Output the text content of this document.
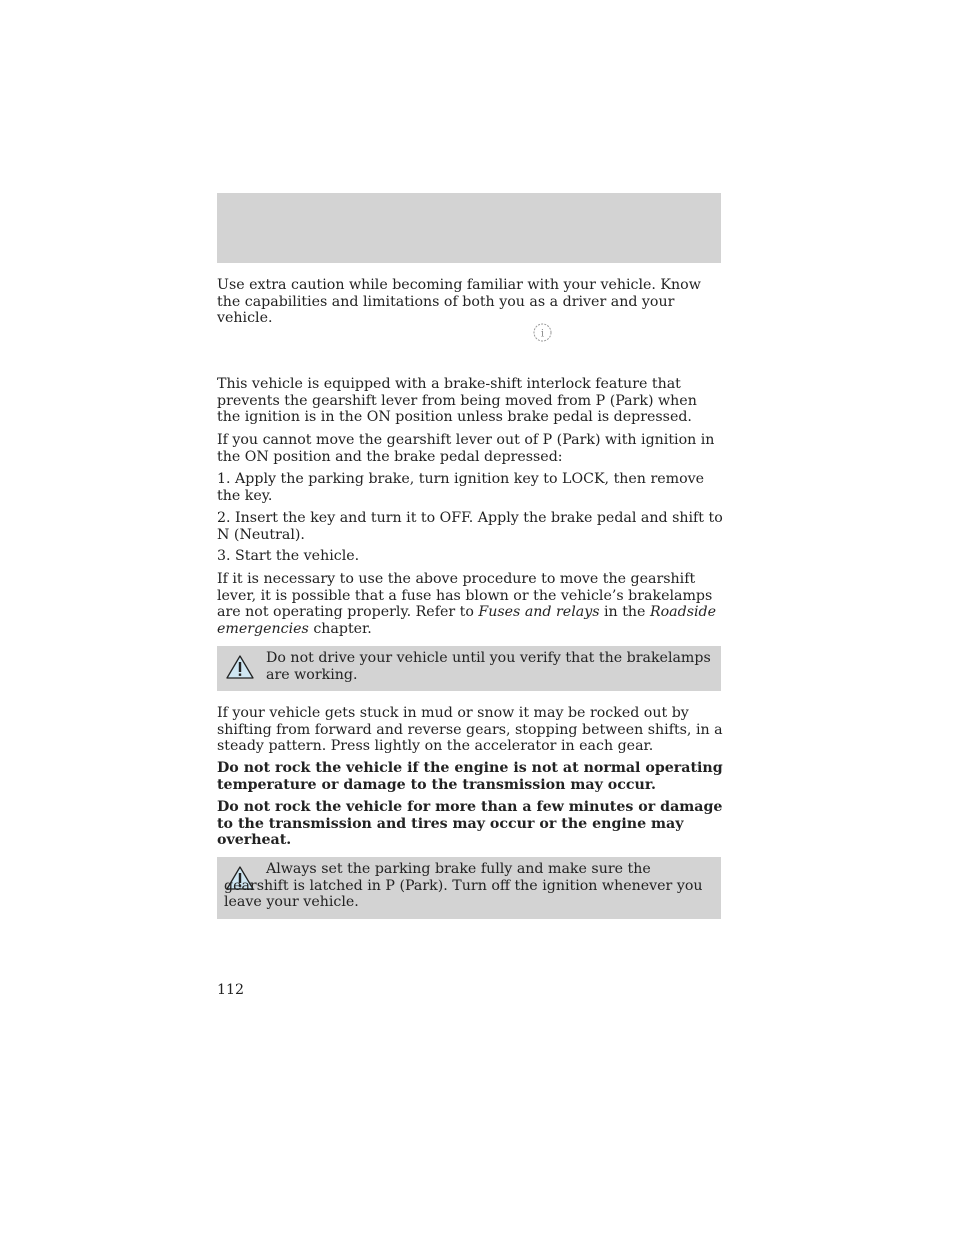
Use extra caution while becoming familiar with your vehicle. Know the capabilities and limitations of both you as a driver and your vehicle.

i

This vehicle is equipped with a brake-shift interlock feature that prevents the gearshift lever from being moved from P (Park) when the ignition is in the ON position unless brake pedal is depressed.

If you cannot move the gearshift lever out of P (Park) with ignition in the ON position and the brake pedal depressed:

1. Apply the parking brake, turn ignition key to LOCK, then remove the key.

2. Insert the key and turn it to OFF. Apply the brake pedal and shift to N (Neutral).

3. Start the vehicle.

If it is necessary to use the above procedure to move the gearshift lever, it is possible that a fuse has blown or the vehicle’s brakelamps are not operating properly. Refer to Fuses and relays in the Roadside emergencies chapter.

Do not drive your vehicle until you verify that the brakelamps are working.

If your vehicle gets stuck in mud or snow it may be rocked out by shifting from forward and reverse gears, stopping between shifts, in a steady pattern. Press lightly on the accelerator in each gear.

Do not rock the vehicle if the engine is not at normal operating temperature or damage to the transmission may occur.

Do not rock the vehicle for more than a few minutes or damage to the transmission and tires may occur or the engine may overheat.

Always set the parking brake fully and make sure the gearshift is latched in P (Park). Turn off the ignition whenever you leave your vehicle.
112
